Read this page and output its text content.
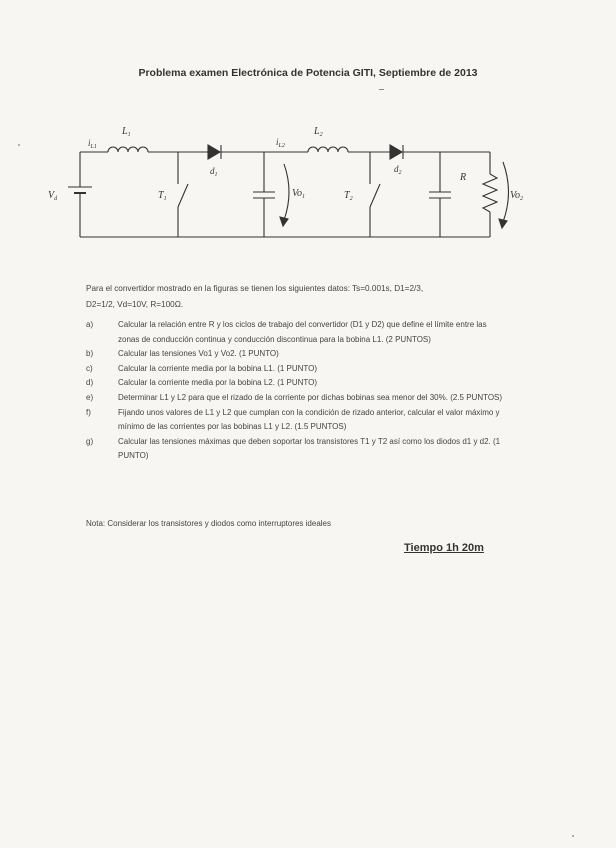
Problema examen Electrónica de Potencia GITI, Septiembre de 2013
$i_{L1}$
$L_1$
$V_d$
$d_1$
$T_1$	$Vo_1$
$i_{L2}$
$L_2$
$d_2$
$T_2$
R
$Vo_2$
Para el convertidor mostrado en la figuras se tienen los siguientes datos: Ts=0.001s, D1=2/3,
D2=1/2, Vd=10V, R=100Ω.
a)	Calcular la relación entre R y los ciclos de trabajo del convertidor (D1 y D2) que define el límite entre las zonas de conducción continua y conducción discontinua para la bobina L1. (2 PUNTOS)
b)	Calcular las tensiones Vo1 y Vo2. (1 PUNTO)
c)	Calcular la corriente media por la bobina L1. (1 PUNTO)
d)	Calcular la corriente media por la bobina L2. (1 PUNTO)
e)	Determinar L1 y L2 para que el rizado de la corriente por dichas bobinas sea menor del 30%. (2.5 PUNTOS)
f)	Fijando unos valores de L1 y L2 que cumplan con la condición de rizado anterior, calcular el valor máximo y mínimo de las corrientes por las bobinas L1 y L2. (1.5 PUNTOS)
g)	Calcular las tensiones máximas que deben soportar los transistores T1 y T2 así como los diodos d1 y d2. (1 PUNTO)
Nota: Considerar los transistores y diodos como interruptores ideales
Tiempo 1h 20m
